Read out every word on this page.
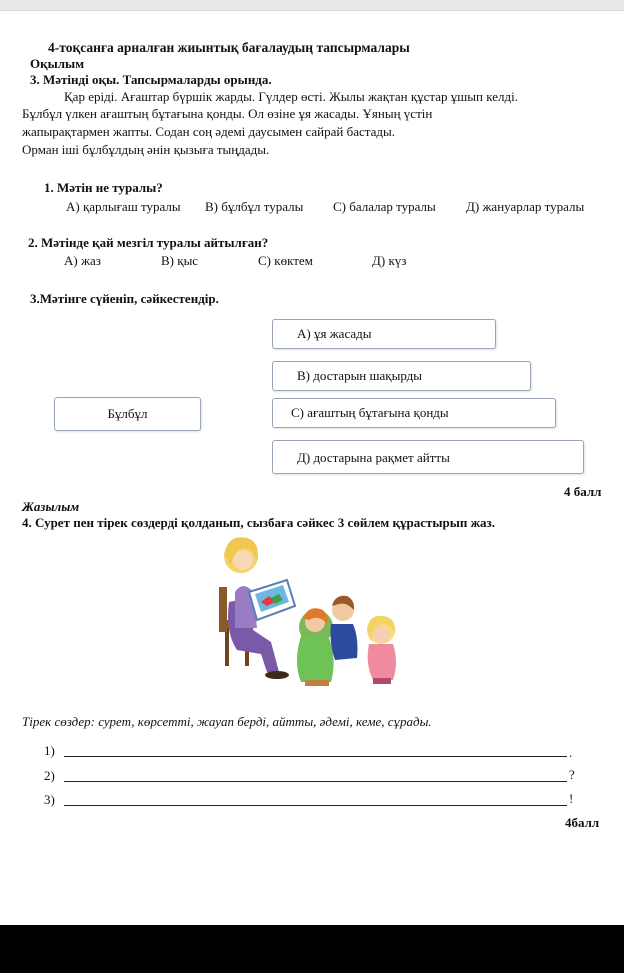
4-тоқсанға арналған жиынтық бағалаудың тапсырмалары
Оқылым
3. Мәтінді оқы. Тапсырмаларды орында.
Қар еріді. Ағаштар бүршік жарды. Гүлдер өсті. Жылы жақтан құстар ұшып келді.
Бұлбұл үлкен ағаштың бұтағына қонды. Ол өзіне ұя жасады. Ұяның үстін
жапырақтармен жапты. Содан соң әдемі даусымен сайрай бастады.
Орман іші бұлбұлдың әнін қызыға тыңдады.
1. Мәтін не туралы?
А) қарлығаш туралы В) бұлбұл туралы С) балалар туралы Д) жануарлар туралы
2. Мәтінде қай мезгіл туралы айтылған?
А) жаз	В) қыс	С) көктем	Д) күз
3.Мәтінге сүйеніп, сәйкестендір.
А) ұя жасады
В) достарын шақырды
Бұлбұл	С) ағаштың бұтағына қонды
Д) достарына рақмет айтты
4 балл
Жазылым
4. Сурет пен тірек сөздерді қолданып, сызбаға сәйкес 3 сөйлем құрастырып жаз.
Тірек сөздер: сурет, көрсетті, жауап берді, айтты, әдемі, кеме, сұрады.
1)	.
2)	?
3)	!
4балл
